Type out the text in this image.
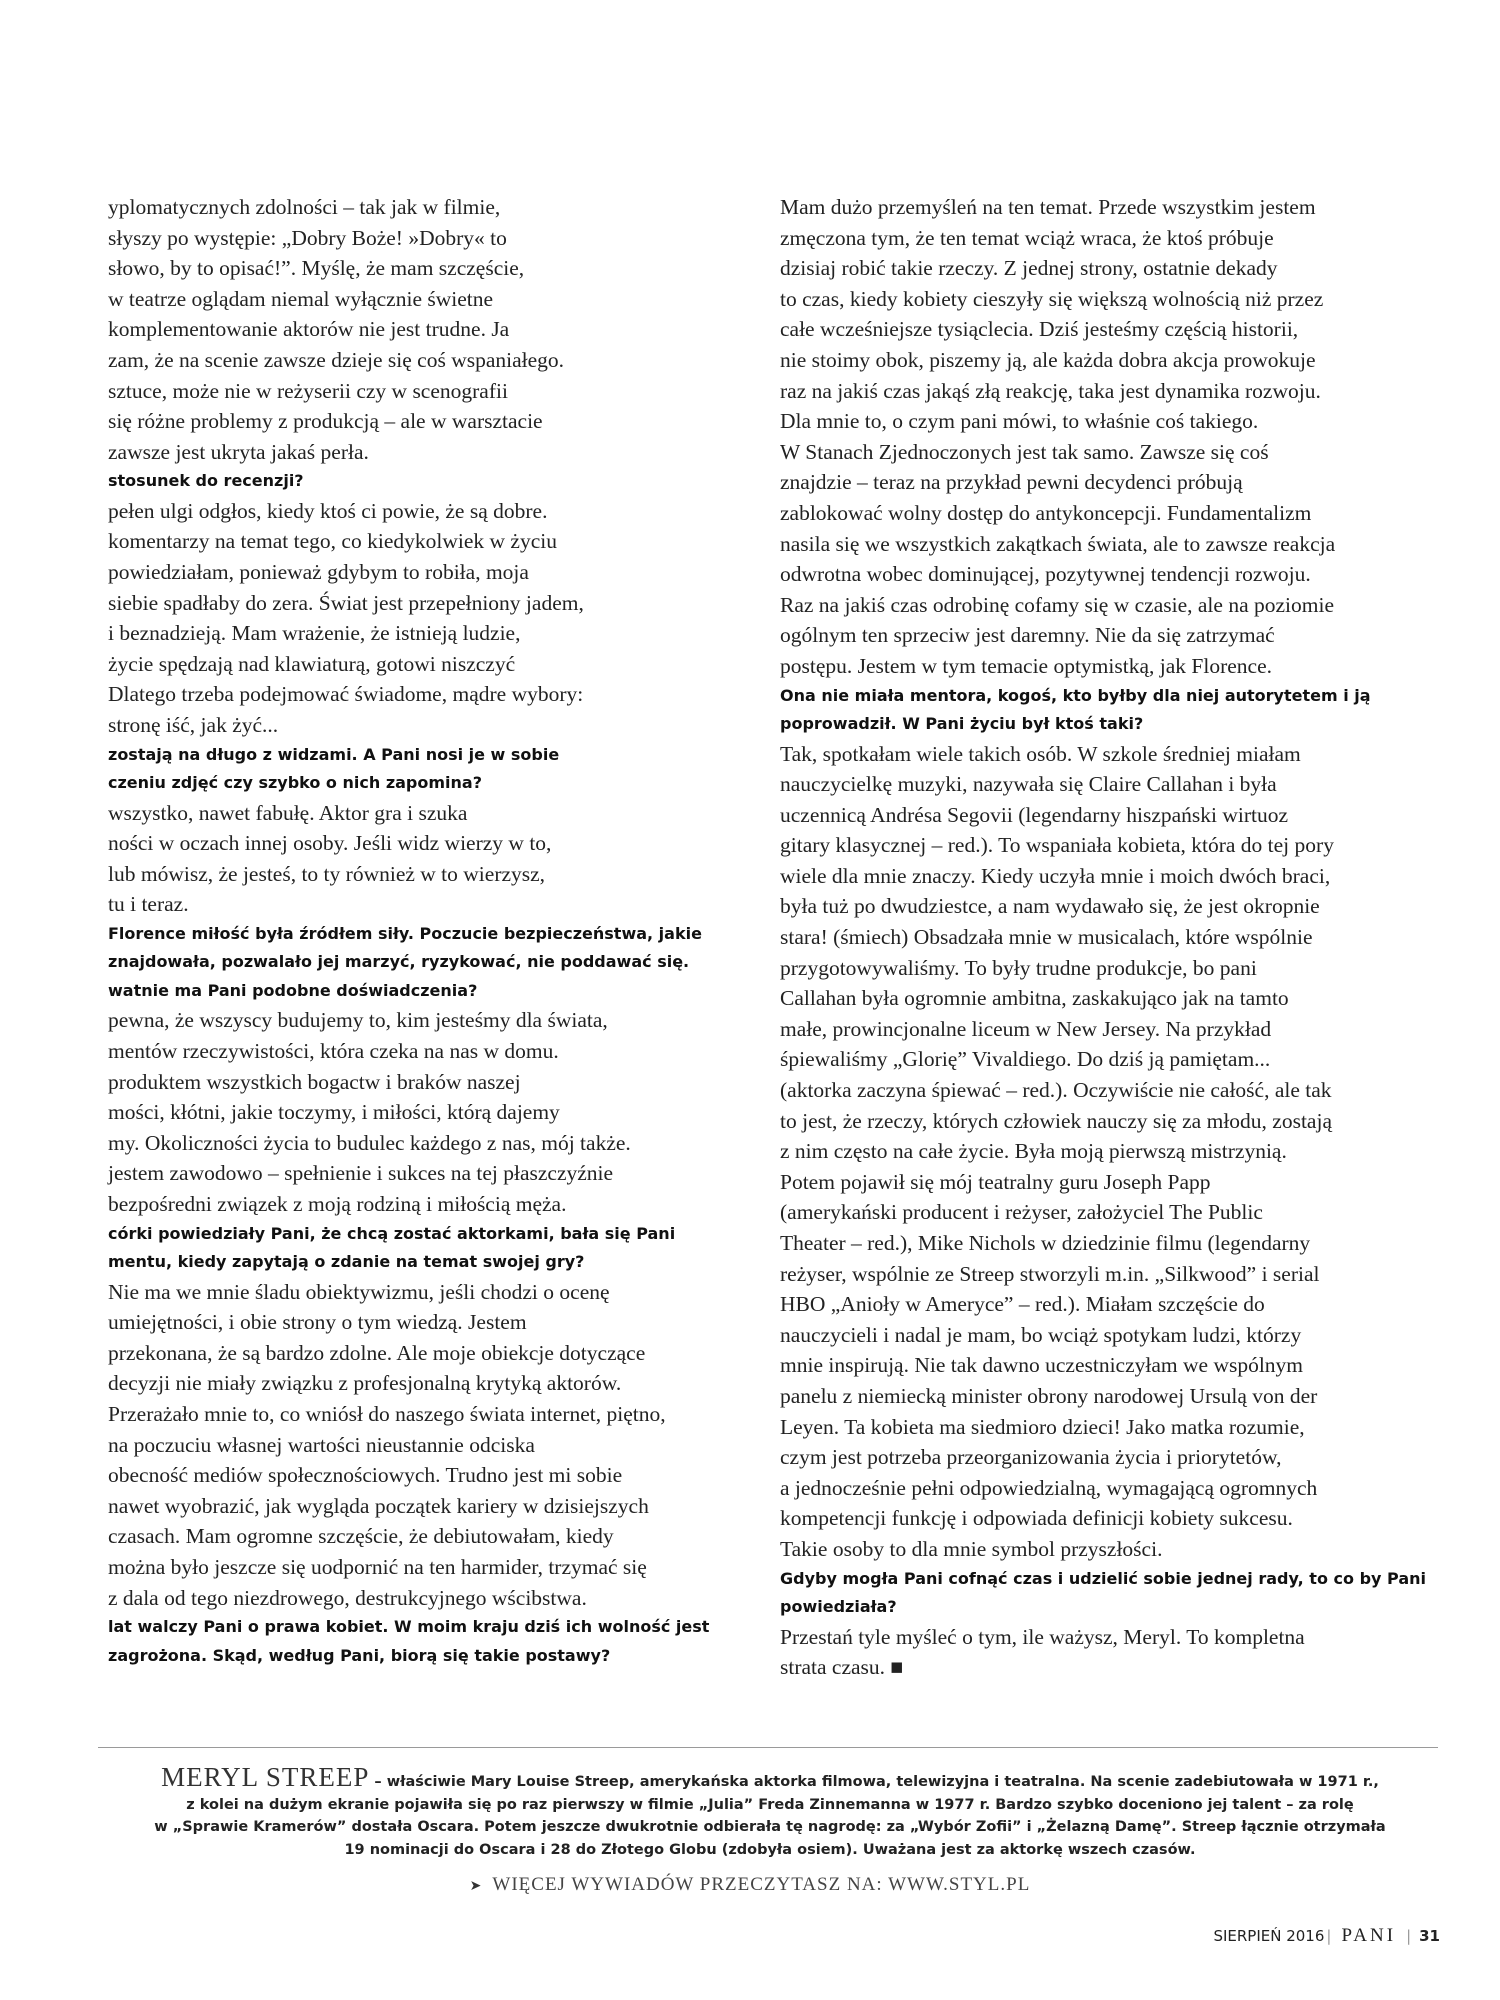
yplomatycznych zdolności – tak jak w filmie,
słyszy po występie: „Dobry Boże! »Dobry« to
słowo, by to opisać!”. Myślę, że mam szczęście,
w teatrze oglądam niemal wyłącznie świetne
komplementowanie aktorów nie jest trudne. Ja
zam, że na scenie zawsze dzieje się coś wspaniałego.
sztuce, może nie w reżyserii czy w scenografii
się różne problemy z produkcją – ale w warsztacie
zawsze jest ukryta jakaś perła.

stosunek do recenzji?

pełen ulgi odgłos, kiedy ktoś ci powie, że są dobre.
komentarzy na temat tego, co kiedykolwiek w życiu
powiedziałam, ponieważ gdybym to robiła, moja
siebie spadłaby do zera. Świat jest przepełniony jadem,
i beznadzieją. Mam wrażenie, że istnieją ludzie,
życie spędzają nad klawiaturą, gotowi niszczyć
Dlatego trzeba podejmować świadome, mądre wybory:
stronę iść, jak żyć...

zostają na długo z widzami. A Pani nosi je w sobie
czeniu zdjęć czy szybko o nich zapomina?

wszystko, nawet fabułę. Aktor gra i szuka
ności w oczach innej osoby. Jeśli widz wierzy w to,
lub mówisz, że jesteś, to ty również w to wierzysz,
tu i teraz.

Florence miłość była źródłem siły. Poczucie bezpieczeństwa, jakie
znajdowała, pozwalało jej marzyć, ryzykować, nie poddawać się.
watnie ma Pani podobne doświadczenia?

pewna, że wszyscy budujemy to, kim jesteśmy dla świata,
mentów rzeczywistości, która czeka na nas w domu.
produktem wszystkich bogactw i braków naszej
mości, kłótni, jakie toczymy, i miłości, którą dajemy
my. Okoliczności życia to budulec każdego z nas, mój także.
jestem zawodowo – spełnienie i sukces na tej płaszczyźnie
bezpośredni związek z moją rodziną i miłością męża.

córki powiedziały Pani, że chcą zostać aktorkami, bała się Pani
mentu, kiedy zapytają o zdanie na temat swojej gry?

Nie ma we mnie śladu obiektywizmu, jeśli chodzi o ocenę
umiejętności, i obie strony o tym wiedzą. Jestem
przekonana, że są bardzo zdolne. Ale moje obiekcje dotyczące
decyzji nie miały związku z profesjonalną krytyką aktorów.
Przerażało mnie to, co wniósł do naszego świata internet, piętno,
na poczuciu własnej wartości nieustannie odciska
obecność mediów społecznościowych. Trudno jest mi sobie
nawet wyobrazić, jak wygląda początek kariery w dzisiejszych
czasach. Mam ogromne szczęście, że debiutowałam, kiedy
można było jeszcze się uodpornić na ten harmider, trzymać się
z dala od tego niezdrowego, destrukcyjnego wścibstwa.

lat walczy Pani o prawa kobiet. W moim kraju dziś ich wolność jest
zagrożona. Skąd, według Pani, biorą się takie postawy?

Mam dużo przemyśleń na ten temat. Przede wszystkim jestem
zmęczona tym, że ten temat wciąż wraca, że ktoś próbuje
dzisiaj robić takie rzeczy. Z jednej strony, ostatnie dekady
to czas, kiedy kobiety cieszyły się większą wolnością niż przez
całe wcześniejsze tysiąclecia. Dziś jesteśmy częścią historii,
nie stoimy obok, piszemy ją, ale każda dobra akcja prowokuje
raz na jakiś czas jakąś złą reakcję, taka jest dynamika rozwoju.
Dla mnie to, o czym pani mówi, to właśnie coś takiego.
W Stanach Zjednoczonych jest tak samo. Zawsze się coś
znajdzie – teraz na przykład pewni decydenci próbują
zablokować wolny dostęp do antykoncepcji. Fundamentalizm
nasila się we wszystkich zakątkach świata, ale to zawsze reakcja
odwrotna wobec dominującej, pozytywnej tendencji rozwoju.
Raz na jakiś czas odrobinę cofamy się w czasie, ale na poziomie
ogólnym ten sprzeciw jest daremny. Nie da się zatrzymać
postępu. Jestem w tym temacie optymistką, jak Florence.

Ona nie miała mentora, kogoś, kto byłby dla niej autorytetem i ją
poprowadził. W Pani życiu był ktoś taki?

Tak, spotkałam wiele takich osób. W szkole średniej miałam
nauczycielkę muzyki, nazywała się Claire Callahan i była
uczennicą Andrésa Segovii (legendarny hiszpański wirtuoz
gitary klasycznej – red.). To wspaniała kobieta, która do tej pory
wiele dla mnie znaczy. Kiedy uczyła mnie i moich dwóch braci,
była tuż po dwudziestce, a nam wydawało się, że jest okropnie
stara! (śmiech) Obsadzała mnie w musicalach, które wspólnie
przygotowywaliśmy. To były trudne produkcje, bo pani
Callahan była ogromnie ambitna, zaskakująco jak na tamto
małe, prowincjonalne liceum w New Jersey. Na przykład
śpiewaliśmy „Glorię” Vivaldiego. Do dziś ją pamiętam...
(aktorka zaczyna śpiewać – red.). Oczywiście nie całość, ale tak
to jest, że rzeczy, których człowiek nauczy się za młodu, zostają
z nim często na całe życie. Była moją pierwszą mistrzynią.
Potem pojawił się mój teatralny guru Joseph Papp
(amerykański producent i reżyser, założyciel The Public
Theater – red.), Mike Nichols w dziedzinie filmu (legendarny
reżyser, wspólnie ze Streep stworzyli m.in. „Silkwood” i serial
HBO „Anioły w Ameryce” – red.). Miałam szczęście do
nauczycieli i nadal je mam, bo wciąż spotykam ludzi, którzy
mnie inspirują. Nie tak dawno uczestniczyłam we wspólnym
panelu z niemiecką minister obrony narodowej Ursulą von der
Leyen. Ta kobieta ma siedmioro dzieci! Jako matka rozumie,
czym jest potrzeba przeorganizowania życia i priorytetów,
a jednocześnie pełni odpowiedzialną, wymagającą ogromnych
kompetencji funkcję i odpowiada definicji kobiety sukcesu.
Takie osoby to dla mnie symbol przyszłości.

Gdyby mogła Pani cofnąć czas i udzielić sobie jednej rady, to co by Pani
powiedziała?

Przestań tyle myśleć o tym, ile ważysz, Meryl. To kompletna
strata czasu. ■

MERYL STREEP – właściwie Mary Louise Streep, amerykańska aktorka filmowa, telewizyjna i teatralna. Na scenie zadebiutowała w 1971 r.,
z kolei na dużym ekranie pojawiła się po raz pierwszy w filmie „Julia” Freda Zinnemanna w 1977 r. Bardzo szybko doceniono jej talent – za rolę
w „Sprawie Kramerów” dostała Oscara. Potem jeszcze dwukrotnie odbierała tę nagrodę: za „Wybór Zofii” i „Żelazną Damę”. Streep łącznie otrzymała
19 nominacji do Oscara i 28 do Złotego Globu (zdobyła osiem). Uważana jest za aktorkę wszech czasów.
➤ WIĘCEJ WYWIADÓW PRZECZYTASZ NA: WWW.STYL.PL
SIERPIEŃ 2016 | PANI | 31
